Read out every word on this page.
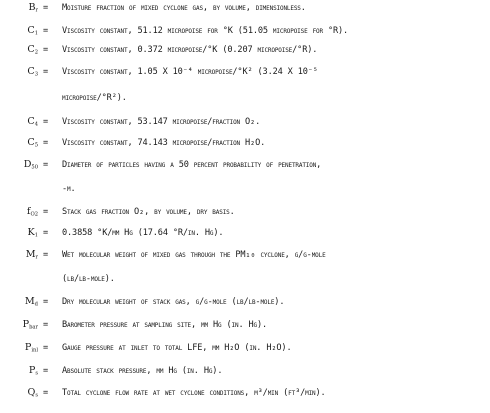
$B_r$ = Moisture fraction of mixed cyclone gas, by volume, dimensionless.
$C_1$ = Viscosity constant, 51.12 micropoise for °K (51.05 micropoise for °R).
$C_2$ = Viscosity constant, 0.372 micropoise/°K (0.207 micropoise/°R).
$C_3$ = Viscosity constant, 1.05 X 10⁻⁴ micropoise/°K² (3.24 X 10⁻⁵
micropoise/°R²).
$C_4$ = Viscosity constant, 53.147 micropoise/fraction O₂.
$C_5$ = Viscosity constant, 74.143 micropoise/fraction H₂O.
$D_{50}$ = Diameter of particles having a 50 percent probability of penetration,
-m.
$f_{O2}$ = Stack gas fraction O₂, by volume, dry basis.
$K_1 = 0.3858$ °K/mm Hg (17.64 °R/in. Hg).
$M_r$ = Wet molecular weight of mixed gas through the PM₁₀ cyclone, g/g-mole
(lb/lb-mole).
$M_d$ = Dry molecular weight of stack gas, g/g-mole (lb/lb-mole).
$P_{bar}$ = Barometer pressure at sampling site, mm Hg (in. Hg).
$P_{inl}$ = Gauge pressure at inlet to total LFE, mm H₂O (in. H₂O).
$P_s$ = Absolute stack pressure, mm Hg (in. Hg).
$Q_s$ = Total cyclone flow rate at wet cyclone conditions, m³/min (ft³/min).
